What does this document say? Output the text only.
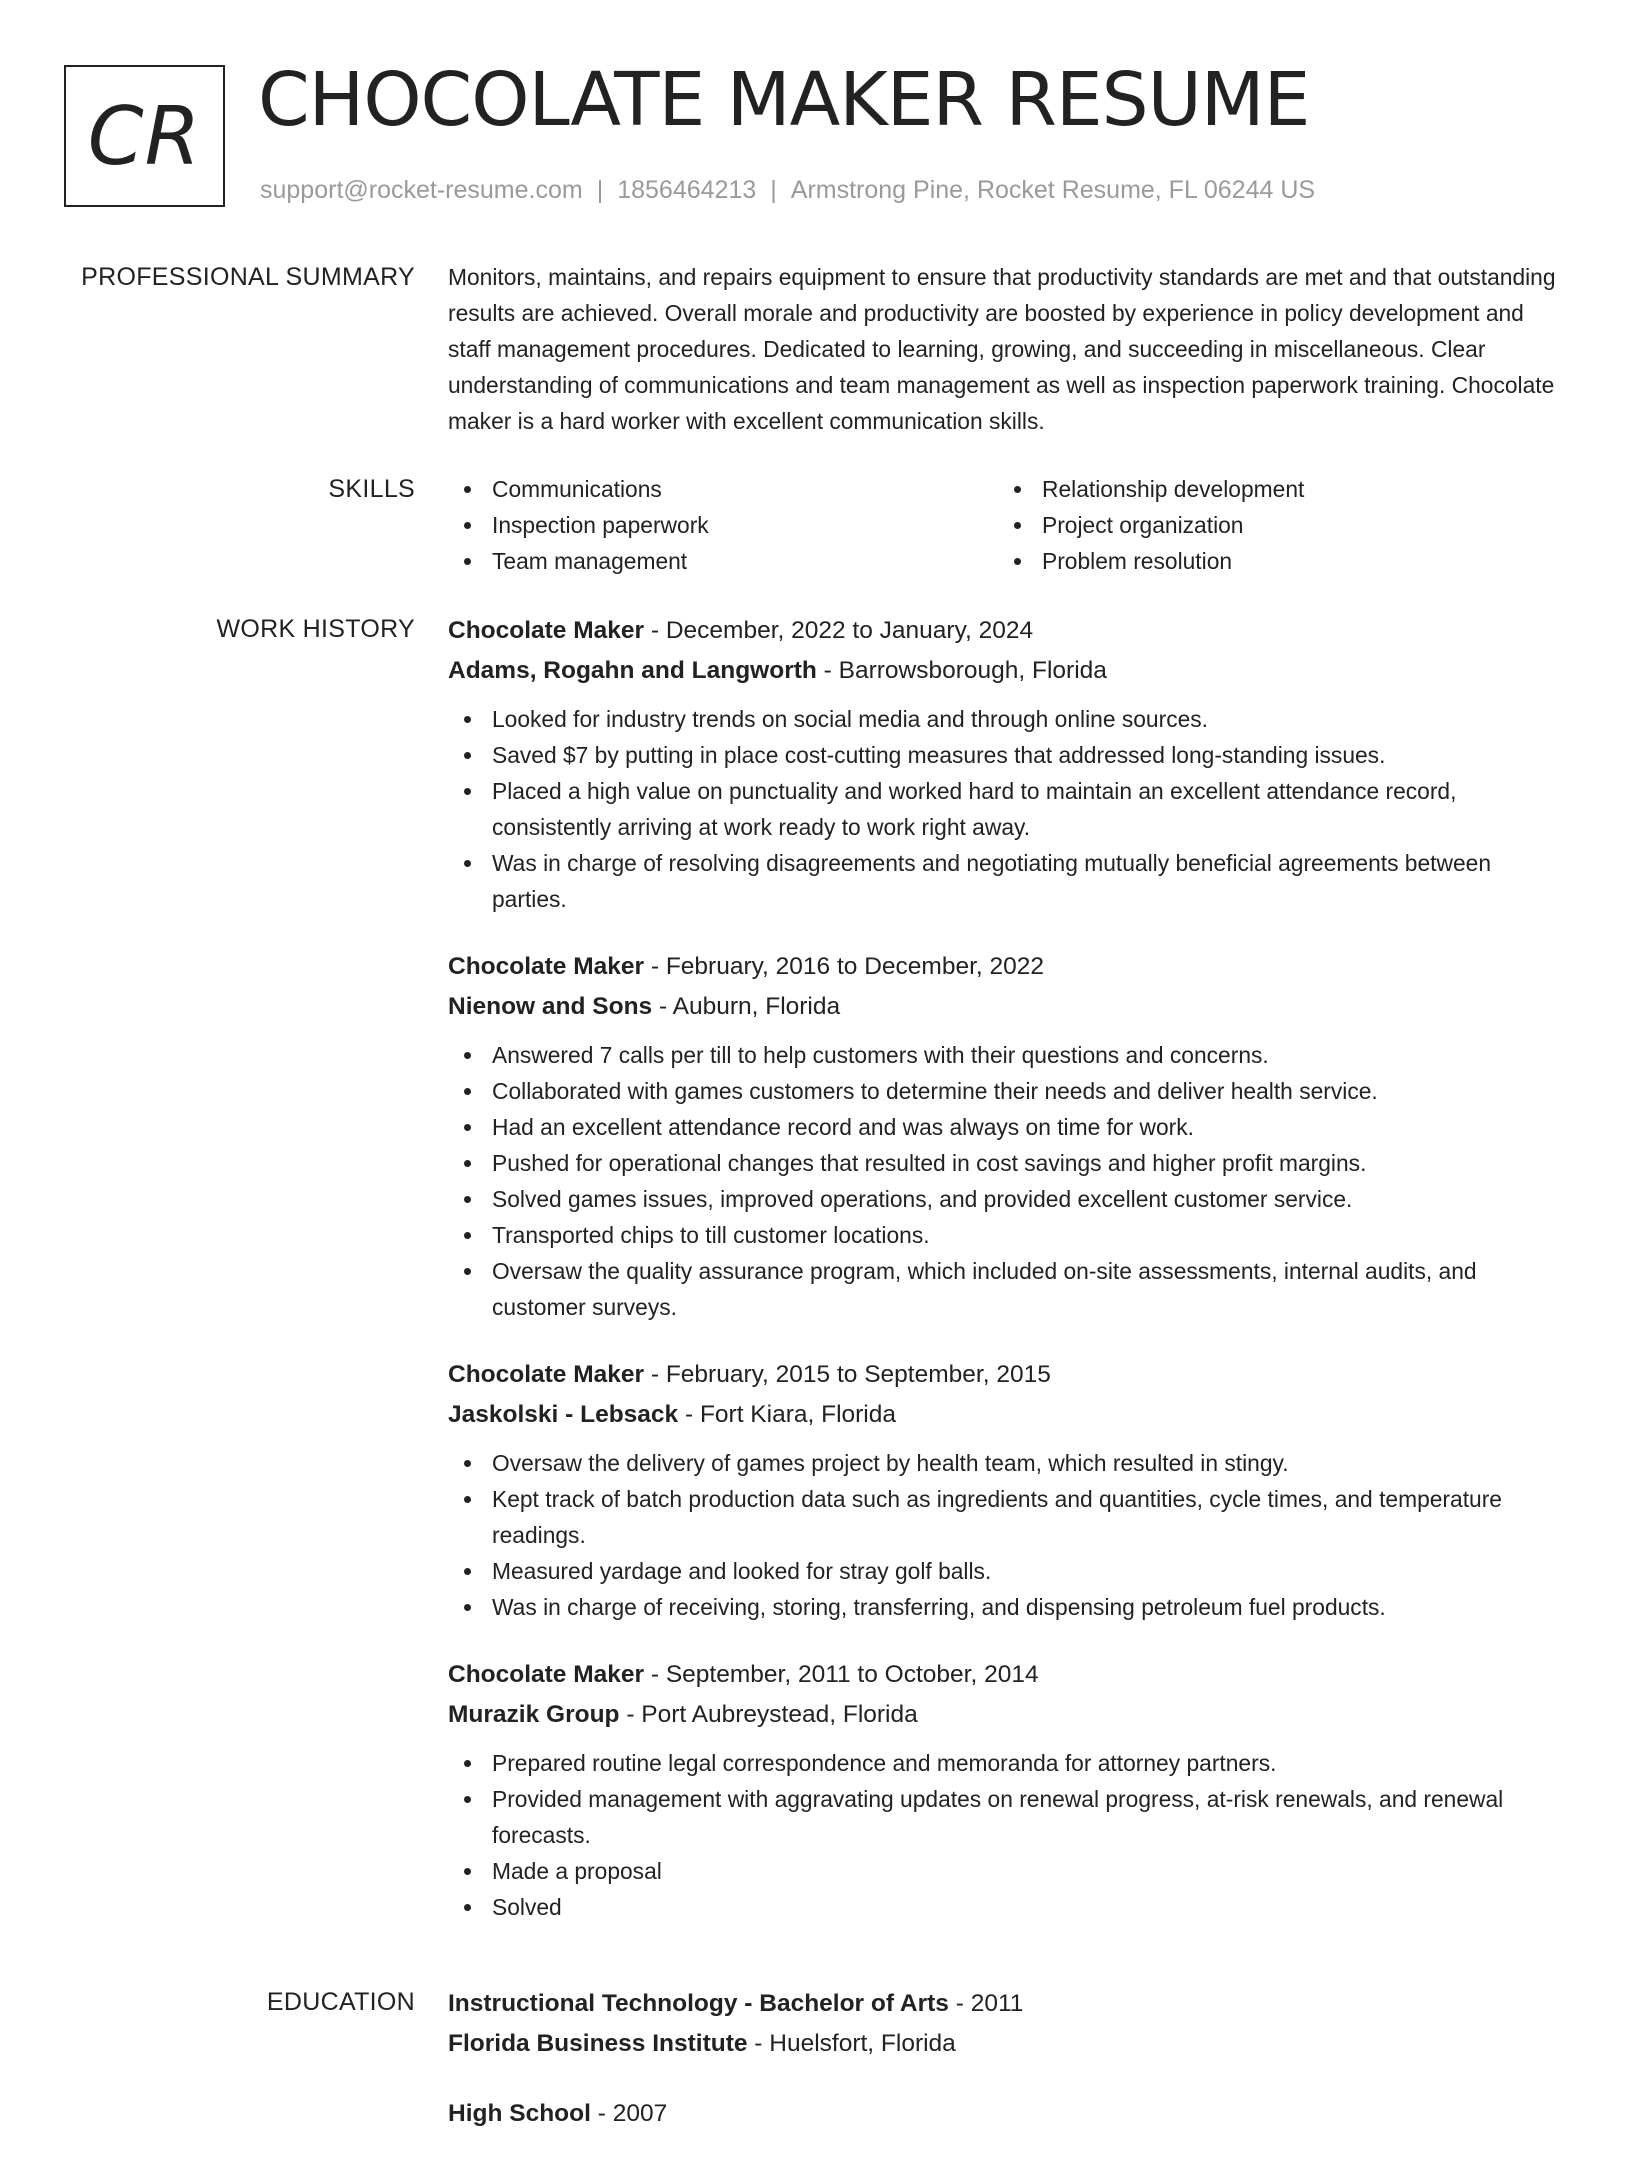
CR CHOCOLATE MAKER RESUME
support@rocket-resume.com | 1856464213 | Armstrong Pine, Rocket Resume, FL 06244 US
PROFESSIONAL SUMMARY Monitors, maintains, and repairs equipment to ensure that productivity standards are met and that outstanding results are achieved. Overall morale and productivity are boosted by experience in policy development and staff management procedures. Dedicated to learning, growing, and succeeding in miscellaneous. Clear understanding of communications and team management as well as inspection paperwork training. Chocolate maker is a hard worker with excellent communication skills.

SKILLS	Communications
Inspection paperwork
Team management
Relationship development
Project organization
Problem resolution
WORK HISTORY Chocolate Maker - December, 2022 to January, 2024
Adams, Rogahn and Langworth - Barrowsborough, Florida
Looked for industry trends on social media and through online sources.
Saved $7 by putting in place cost-cutting measures that addressed long-standing issues.
Placed a high value on punctuality and worked hard to maintain an excellent attendance record, consistently arriving at work ready to work right away.
Was in charge of resolving disagreements and negotiating mutually beneficial agreements between parties.
Chocolate Maker - February, 2016 to December, 2022
Nienow and Sons - Auburn, Florida
Answered 7 calls per till to help customers with their questions and concerns.
Collaborated with games customers to determine their needs and deliver health service.
Had an excellent attendance record and was always on time for work.
Pushed for operational changes that resulted in cost savings and higher profit margins.
Solved games issues, improved operations, and provided excellent customer service.
Transported chips to till customer locations.
Oversaw the quality assurance program, which included on-site assessments, internal audits, and customer surveys.
Chocolate Maker - February, 2015 to September, 2015
Jaskolski - Lebsack - Fort Kiara, Florida
Oversaw the delivery of games project by health team, which resulted in stingy.
Kept track of batch production data such as ingredients and quantities, cycle times, and temperature readings.
Measured yardage and looked for stray golf balls.
Was in charge of receiving, storing, transferring, and dispensing petroleum fuel products.
Chocolate Maker - September, 2011 to October, 2014
Murazik Group - Port Aubreystead, Florida
Prepared routine legal correspondence and memoranda for attorney partners.
Provided management with aggravating updates on renewal progress, at-risk renewals, and renewal forecasts.
Made a proposal
Solved
EDUCATION Instructional Technology - Bachelor of Arts - 2011
Florida Business Institute - Huelsfort, Florida
High School - 2007
